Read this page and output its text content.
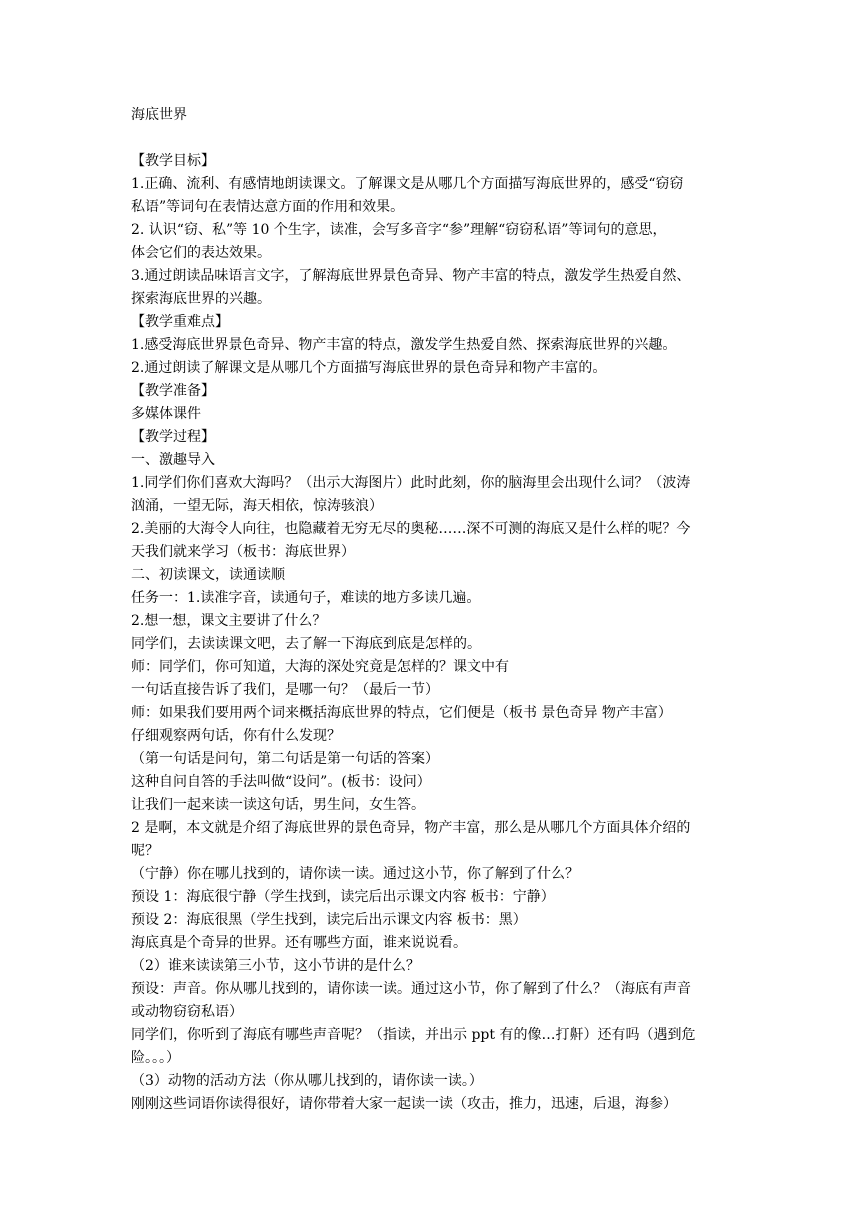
海底世界
【教学目标】
1.正确、流利、有感情地朗读课文。了解课文是从哪几个方面描写海底世界的，感受“窃窃
私语”等词句在表情达意方面的作用和效果。
2. 认识“窃、私”等 10 个生字，读准，会写多音字“参”理解“窃窃私语”等词句的意思，
体会它们的表达效果。
3.通过朗读品味语言文字，了解海底世界景色奇异、物产丰富的特点，激发学生热爱自然、
探索海底世界的兴趣。
【教学重难点】
1.感受海底世界景色奇异、物产丰富的特点，激发学生热爱自然、探索海底世界的兴趣。
2.通过朗读了解课文是从哪几个方面描写海底世界的景色奇异和物产丰富的。
【教学准备】
多媒体课件
【教学过程】
一、激趣导入
1.同学们你们喜欢大海吗？（出示大海图片）此时此刻，你的脑海里会出现什么词？（波涛
汹涌，一望无际，海天相依，惊涛骇浪）
2.美丽的大海令人向往，也隐藏着无穷无尽的奥秘……深不可测的海底又是什么样的呢？今
天我们就来学习（板书：海底世界）
二、初读课文，读通读顺
任务一：1.读准字音，读通句子，难读的地方多读几遍。
2.想一想，课文主要讲了什么？
同学们，去读读课文吧，去了解一下海底到底是怎样的。
师：同学们，你可知道，大海的深处究竟是怎样的？课文中有
一句话直接告诉了我们，是哪一句？（最后一节）
师：如果我们要用两个词来概括海底世界的特点，它们便是（板书 景色奇异 物产丰富）
仔细观察两句话，你有什么发现？
（第一句话是问句，第二句话是第一句话的答案）
这种自问自答的手法叫做“设问”。(板书：设问）
让我们一起来读一读这句话，男生问，女生答。
2 是啊，本文就是介绍了海底世界的景色奇异，物产丰富，那么是从哪几个方面具体介绍的
呢？
（宁静）你在哪儿找到的，请你读一读。通过这小节，你了解到了什么？
预设 1：海底很宁静（学生找到，读完后出示课文内容 板书：宁静）
预设 2：海底很黑（学生找到，读完后出示课文内容 板书：黑）
海底真是个奇异的世界。还有哪些方面，谁来说说看。
（2）谁来读读第三小节，这小节讲的是什么？
预设：声音。你从哪儿找到的，请你读一读。通过这小节，你了解到了什么？（海底有声音
或动物窃窃私语）
同学们，你听到了海底有哪些声音呢？（指读，并出示 ppt 有的像…打鼾）还有吗（遇到危
险。。。）
（3）动物的活动方法（你从哪儿找到的，请你读一读。）
刚刚这些词语你读得很好，请你带着大家一起读一读（攻击，推力，迅速，后退，海参）
